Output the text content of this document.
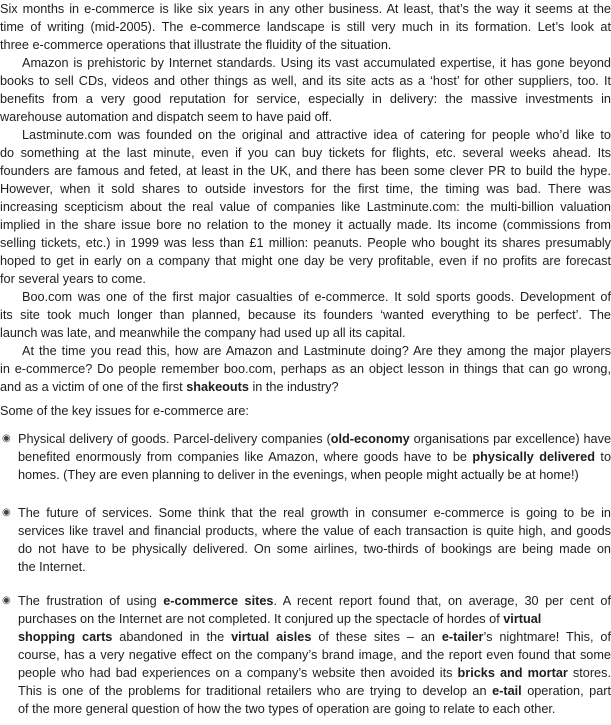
Six months in e-commerce is like six years in any other business. At least, that’s the way it seems at the
time of writing (mid-2005). The e-commerce landscape is still very much in its formation. Let’s look at
three e-commerce operations that illustrate the fluidity of the situation.
Amazon is prehistoric by Internet standards. Using its vast accumulated expertise, it has gone beyond
books to sell CDs, videos and other things as well, and its site acts as a ‘host’ for other suppliers, too. It
benefits from a very good reputation for service, especially in delivery: the massive investments in
warehouse automation and dispatch seem to have paid off.
Lastminute.com was founded on the original and attractive idea of catering for people who’d like to
do something at the last minute, even if you can buy tickets for flights, etc. several weeks ahead. Its
founders are famous and feted, at least in the UK, and there has been some clever PR to build the hype.
However, when it sold shares to outside investors for the first time, the timing was bad. There was
increasing scepticism about the real value of companies like Lastminute.com: the multi-billion valuation
implied in the share issue bore no relation to the money it actually made. Its income (commissions from
selling tickets, etc.) in 1999 was less than £1 million: peanuts. People who bought its shares presumably
hoped to get in early on a company that might one day be very profitable, even if no profits are forecast
for several years to come.
Boo.com was one of the first major casualties of e-commerce. It sold sports goods. Development of
its site took much longer than planned, because its founders ‘wanted everything to be perfect’. The
launch was late, and meanwhile the company had used up all its capital.
At the time you read this, how are Amazon and Lastminute doing? Are they among the major players
in e-commerce? Do people remember boo.com, perhaps as an object lesson in things that can go wrong,
and as a victim of one of the first shakeouts in the industry?
Some of the key issues for e-commerce are:
◉ Physical delivery of goods. Parcel-delivery companies (old-economy organisations par excellence) have
benefited enormously from companies like Amazon, where goods have to be physically delivered to
homes. (They are even planning to deliver in the evenings, when people might actually be at home!)
◉ The future of services. Some think that the real growth in consumer e-commerce is going to be in
services like travel and financial products, where the value of each transaction is quite high, and goods
do not have to be physically delivered. On some airlines, two-thirds of bookings are being made on
the Internet.
◉ The frustration of using e-commerce sites. A recent report found that, on average, 30 per cent of
purchases on the Internet are not completed. It conjured up the spectacle of hordes of virtual
shopping carts abandoned in the virtual aisles of these sites – an e-tailer’s nightmare! This, of
course, has a very negative effect on the company’s brand image, and the report even found that some
people who had bad experiences on a company’s website then avoided its bricks and mortar stores.
This is one of the problems for traditional retailers who are trying to develop an e-tail operation, part
of the more general question of how the two types of operation are going to relate to each other.
